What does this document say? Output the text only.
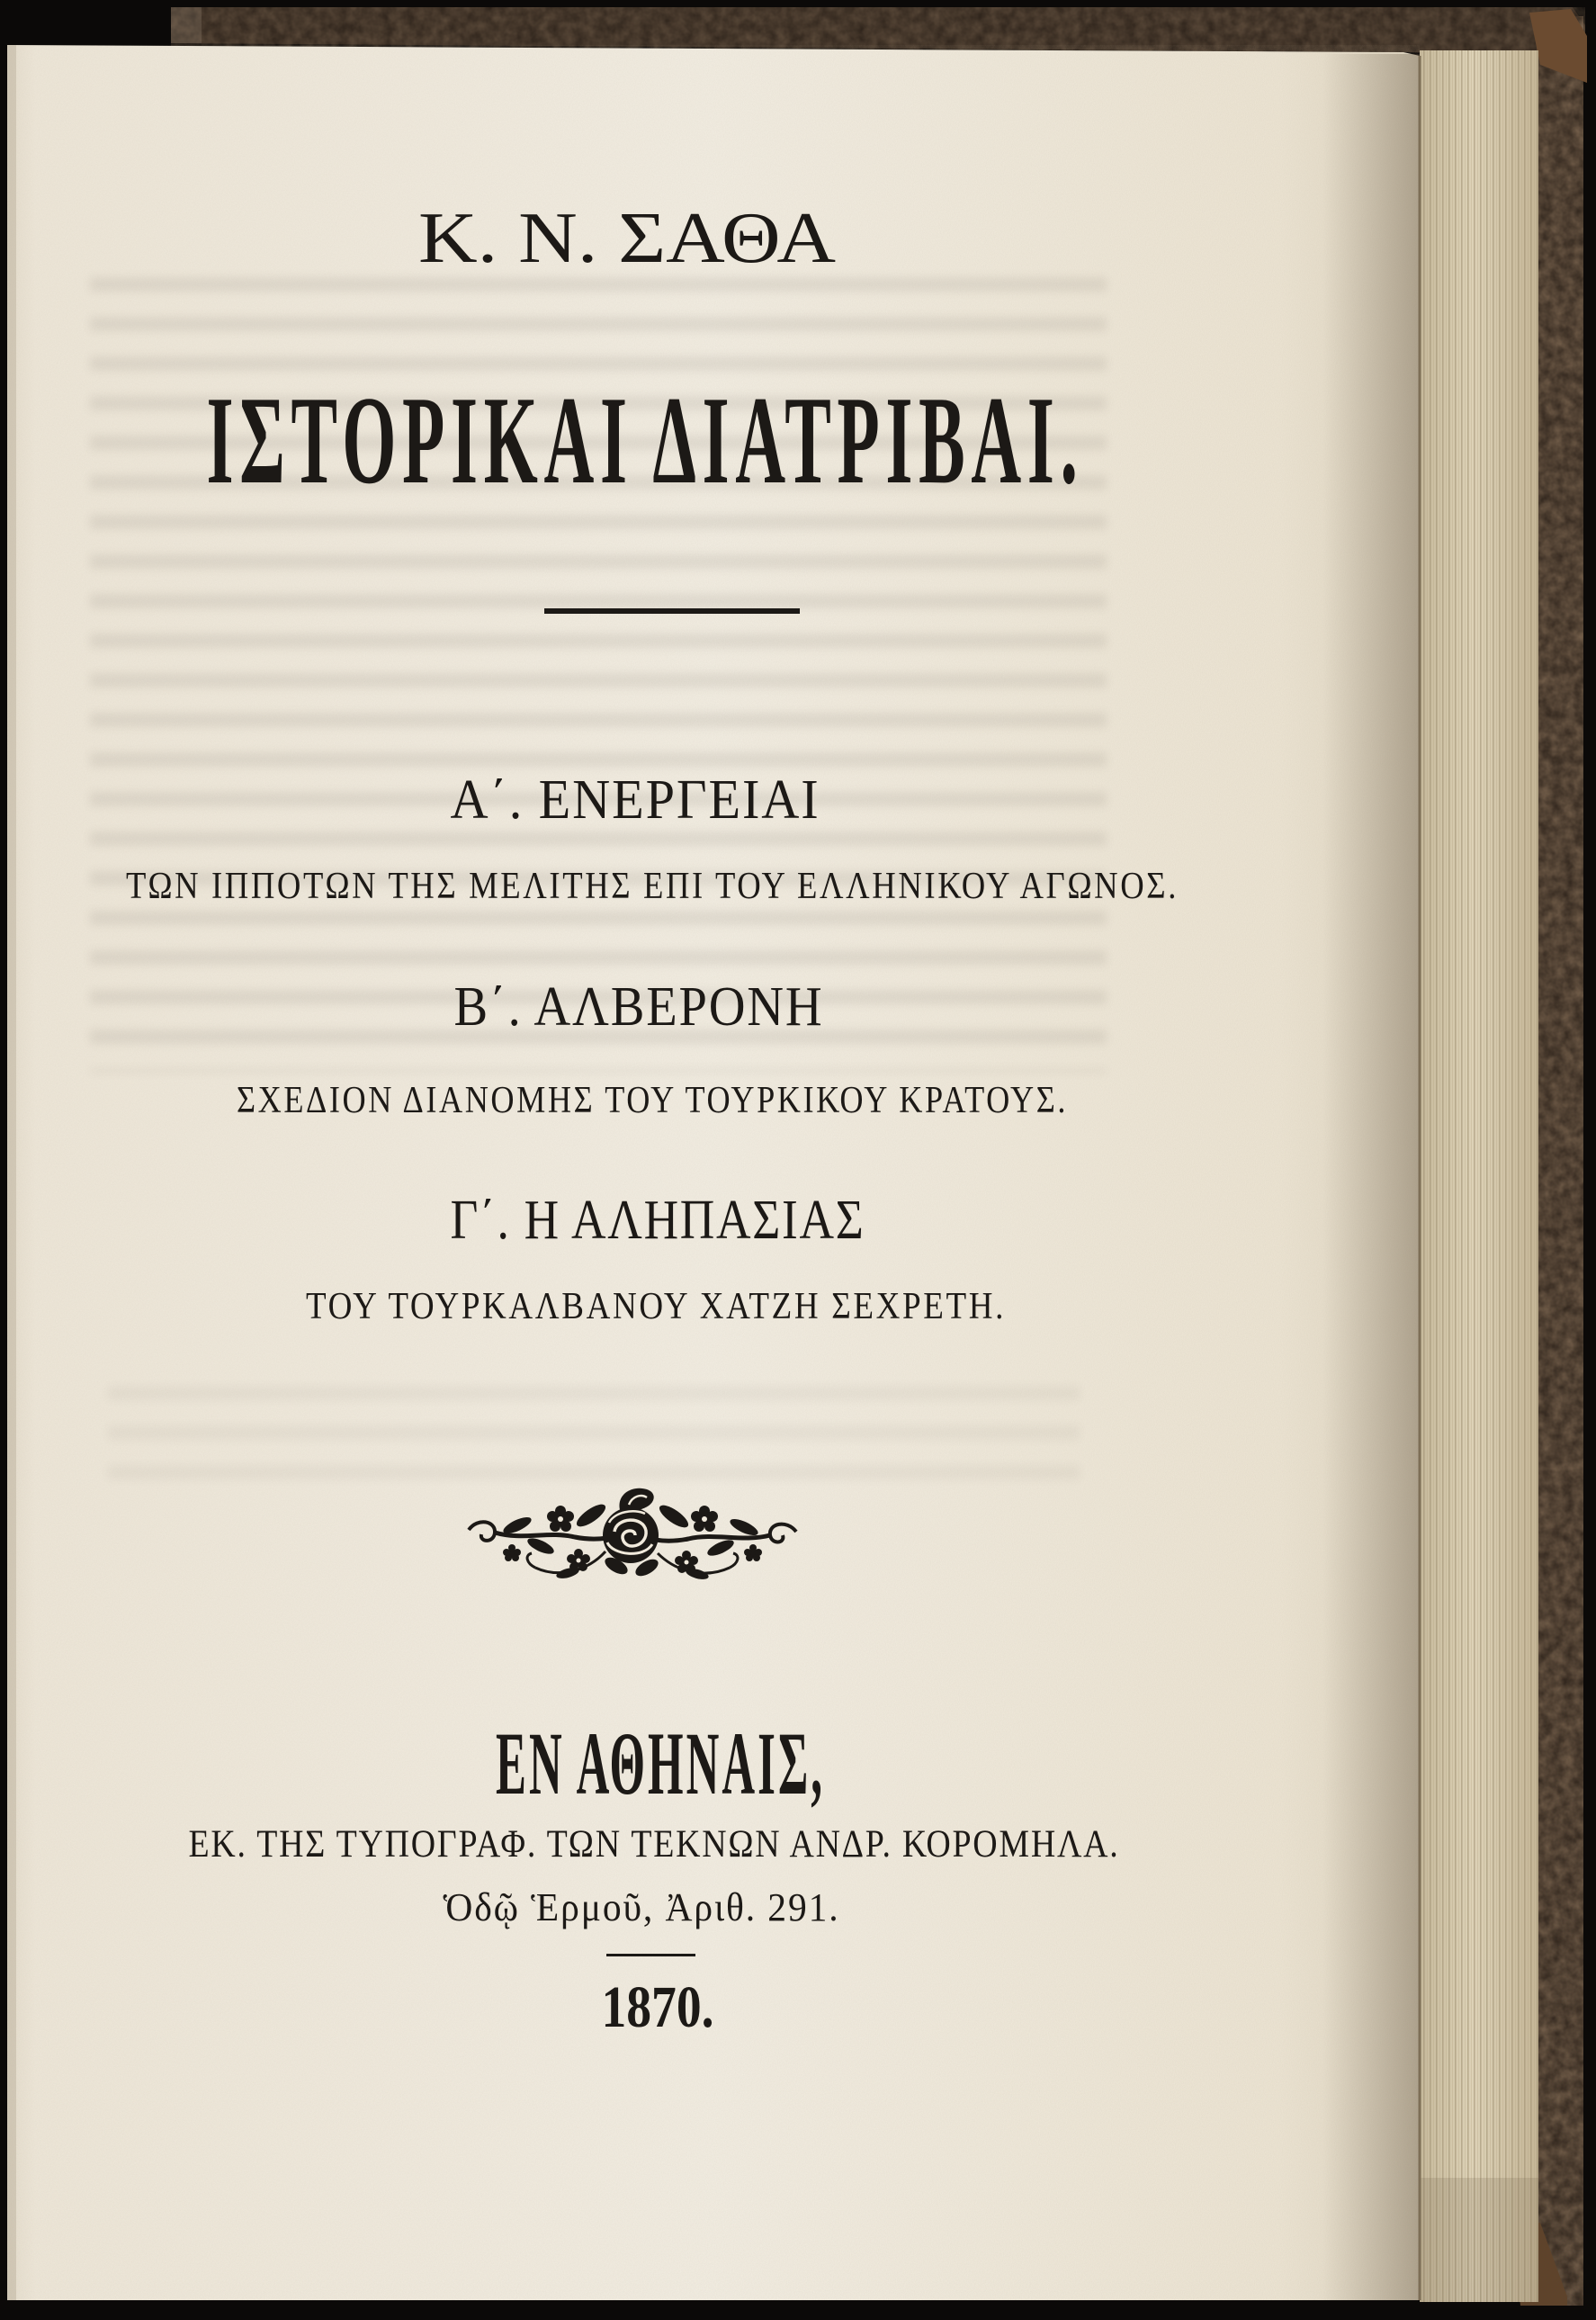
Κ. Ν. ΣΑΘΑ
ΙΣΤΟΡΙΚΑΙ ΔΙΑΤΡΙΒΑΙ.
Α΄. ΕΝΕΡΓΕΙΑΙ
ΤΩΝ ΙΠΠΟΤΩΝ ΤΗΣ ΜΕΛΙΤΗΣ ΕΠΙ ΤΟΥ ΕΛΛΗΝΙΚΟΥ ΑΓΩΝΟΣ.
Β΄. ΑΛΒΕΡΟΝΗ
ΣΧΕΔΙΟΝ ΔΙΑΝΟΜΗΣ ΤΟΥ ΤΟΥΡΚΙΚΟΥ ΚΡΑΤΟΥΣ.
Γ΄. Η ΑΛΗΠΑΣΙΑΣ
ΤΟΥ ΤΟΥΡΚΑΛΒΑΝΟΥ ΧΑΤΖΗ ΣΕΧΡΕΤΗ.
ΕΝ ΑΘΗΝΑΙΣ,
ΕΚ. ΤΗΣ ΤΥΠΟΓΡΑΦ. ΤΩΝ ΤΕΚΝΩΝ ΑΝΔΡ. ΚΟΡΟΜΗΛΑ.
Ὁδῷ Ἑρμοῦ, Ἀριθ. 291.
1870.
